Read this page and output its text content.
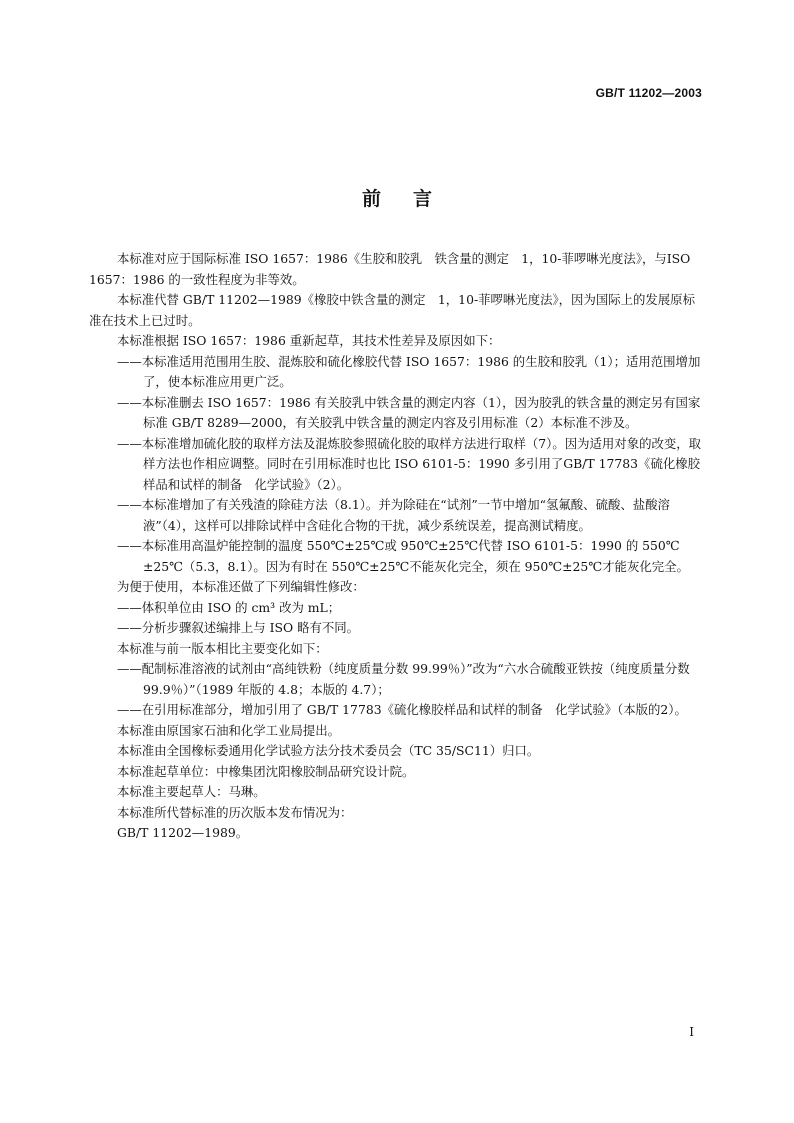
GB/T 11202—2003
前言

本标准对应于国际标准 ISO 1657：1986《生胶和胶乳　铁含量的测定　1，10-菲啰啉光度法》，与ISO 1657：1986 的一致性程度为非等效。

本标准代替 GB/T 11202—1989《橡胶中铁含量的测定　1，10-菲啰啉光度法》，因为国际上的发展原标准在技术上已过时。

本标准根据 ISO 1657：1986 重新起草，其技术性差异及原因如下：

——本标准适用范围用生胶、混炼胶和硫化橡胶代替 ISO 1657：1986 的生胶和胶乳（1）；适用范围增加了，使本标准应用更广泛。

——本标准删去 ISO 1657：1986 有关胶乳中铁含量的测定内容（1），因为胶乳的铁含量的测定另有国家标准 GB/T 8289—2000，有关胶乳中铁含量的测定内容及引用标准（2）本标准不涉及。

——本标准增加硫化胶的取样方法及混炼胶参照硫化胶的取样方法进行取样（7）。因为适用对象的改变，取样方法也作相应调整。同时在引用标准时也比 ISO 6101-5：1990 多引用了GB/T 17783《硫化橡胶样品和试样的制备　化学试验》（2）。

——本标准增加了有关残渣的除硅方法（8.1）。并为除硅在“试剂”一节中增加“氢氟酸、硫酸、盐酸溶液”（4），这样可以排除试样中含硅化合物的干扰，减少系统误差，提高测试精度。

——本标准用高温炉能控制的温度 550℃±25℃或 950℃±25℃代替 ISO 6101-5：1990 的 550℃±25℃（5.3，8.1）。因为有时在 550℃±25℃不能灰化完全，须在 950℃±25℃才能灰化完全。

为便于使用，本标准还做了下列编辑性修改：

——体积单位由 ISO 的 cm³ 改为 mL；

——分析步骤叙述编排上与 ISO 略有不同。

本标准与前一版本相比主要变化如下：

——配制标准溶液的试剂由“高纯铁粉（纯度质量分数 99.99％）”改为“六水合硫酸亚铁按（纯度质量分数 99.9％）”（1989 年版的 4.8；本版的 4.7）；

——在引用标准部分，增加引用了 GB/T 17783《硫化橡胶样品和试样的制备　化学试验》（本版的2）。

本标准由原国家石油和化学工业局提出。

本标准由全国橡标委通用化学试验方法分技术委员会（TC 35/SC11）归口。

本标准起草单位：中橡集团沈阳橡胶制品研究设计院。

本标准主要起草人：马琳。

本标准所代替标准的历次版本发布情况为：

GB/T 11202—1989。

I
